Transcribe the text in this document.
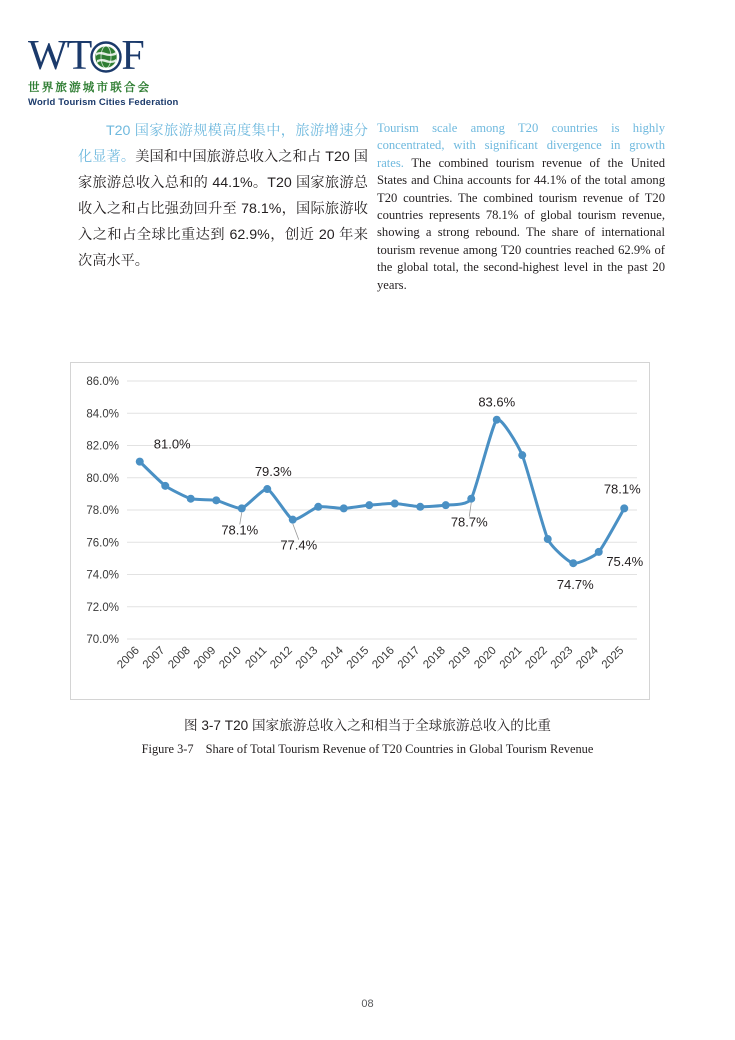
W T F
世界旅游城市联合会
World Tourism Cities Federation
T20 国家旅游规模高度集中，旅游增速分化显著。美国和中国旅游总收入之和占 T20 国家旅游总收入总和的 44.1%。T20 国家旅游总收入之和占比强劲回升至 78.1%，国际旅游收入之和占全球比重达到 62.9%，创近 20 年来次高水平。
Tourism scale among T20 countries is highly concentrated, with significant divergence in growth rates. The combined tourism revenue of the United States and China accounts for 44.1% of the total among T20 countries. The combined tourism revenue of T20 countries represents 78.1% of global tourism revenue, showing a strong rebound. The share of international tourism revenue among T20 countries reached 62.9% of the global total, the second-highest level in the past 20 years.
86.0%
84.0%
82.0%
80.0%
78.0%
76.0%
74.0%
72.0%
70.0%
2006
2007
2008
2009
2010 2011
2012
2013
2014
2015
2016
2017
2018
2019
2020
2021
2022
2023
2024
2025
81.0%
78.1%
79.3%
77.4%
78.7%
83.6%
74.7%
75.4%
78.1%
图 3-7 T20 国家旅游总收入之和相当于全球旅游总收入的比重
Figure 3-7 Share of Total Tourism Revenue of T20 Countries in Global Tourism Revenue
08
